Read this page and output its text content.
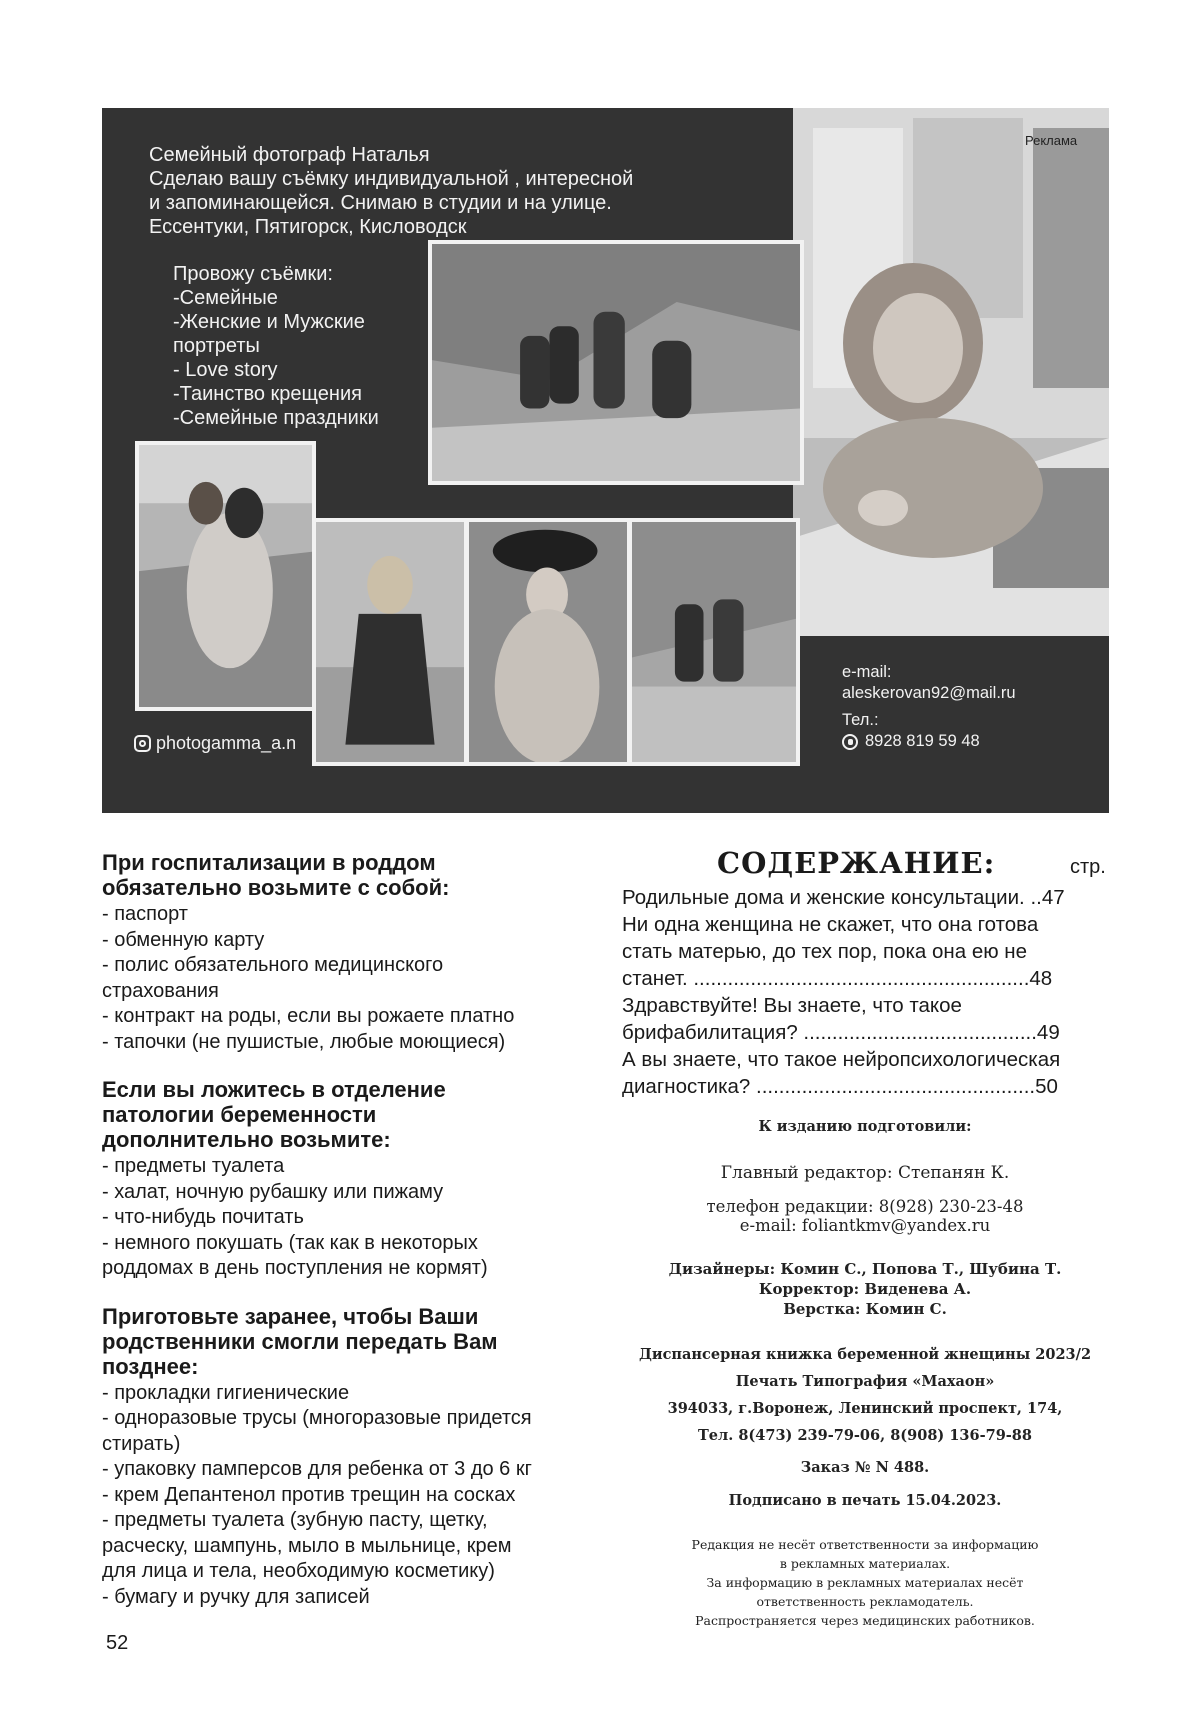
Реклама
Семейный фотограф Наталья
Сделаю вашу съёмку индивидуальной , интересной
и запоминающейся. Снимаю в студии и на улице.
Ессентуки, Пятигорск, Кисловодск
Провожу съёмки:
-Семейные
-Женские и Мужские
портреты
- Love story
-Таинство крещения
-Семейные праздники
e-mail:
aleskerovan92@mail.ru
Тел.:
8928 819 59 48
photogamma_a.n
При госпитализации в роддом
обязательно возьмите с собой:
- паспорт
- обменную карту
- полис обязательного медицинского
страхования
- контракт на роды, если вы рожаете платно
- тапочки (не пушистые, любые моющиеся)
Если вы ложитесь в отделение
патологии беременности
дополнительно возьмите:
- предметы туалета
- халат, ночную рубашку или пижаму
- что-нибудь почитать
- немного покушать (так как в некоторых
роддомах в день поступления не кормят)
Приготовьте заранее, чтобы Ваши
родственники смогли передать Вам
позднее:
- прокладки гигиенические
- одноразовые трусы (многоразовые придется
стирать)
- упаковку памперсов для ребенка от 3 до 6 кг
- крем Депантенол против трещин на сосках
- предметы туалета (зубную пасту, щетку,
расческу, шампунь, мыло в мыльнице, крем
для лица и тела, необходимую косметику)
- бумагу и ручку для записей
52
СОДЕРЖАНИЕ:	стр.
Родильные дома и женские консультации. ..47
Ни одна женщина не скажет, что она готова
стать матерью, до тех пор, пока она ею не
станет. ...........................................................48
Здравствуйте! Вы знаете, что такое
брифабилитация? .........................................49
А вы знаете, что такое нейропсихологическая
диагностика? .................................................50
К изданию подготовили:
Главный редактор: Степанян К.
телефон редакции: 8(928) 230-23-48
e-mail: foliantkmv@yandex.ru
Дизайнеры: Комин С., Попова Т., Шубина Т.
Корректор: Виденева А.
Верстка: Комин С.
Диспансерная книжка беременной жнещины 2023/2
Печать Типография «Махаон»
394033, г.Воронеж, Ленинский проспект, 174,
Тел. 8(473) 239-79-06, 8(908) 136-79-88
Заказ № N 488.
Подписано в печать 15.04.2023.
Редакция не несёт ответственности за информацию
в рекламных материалах.
За информацию в рекламных материалах несёт
ответственность рекламодатель.
Распространяется через медицинских работников.
